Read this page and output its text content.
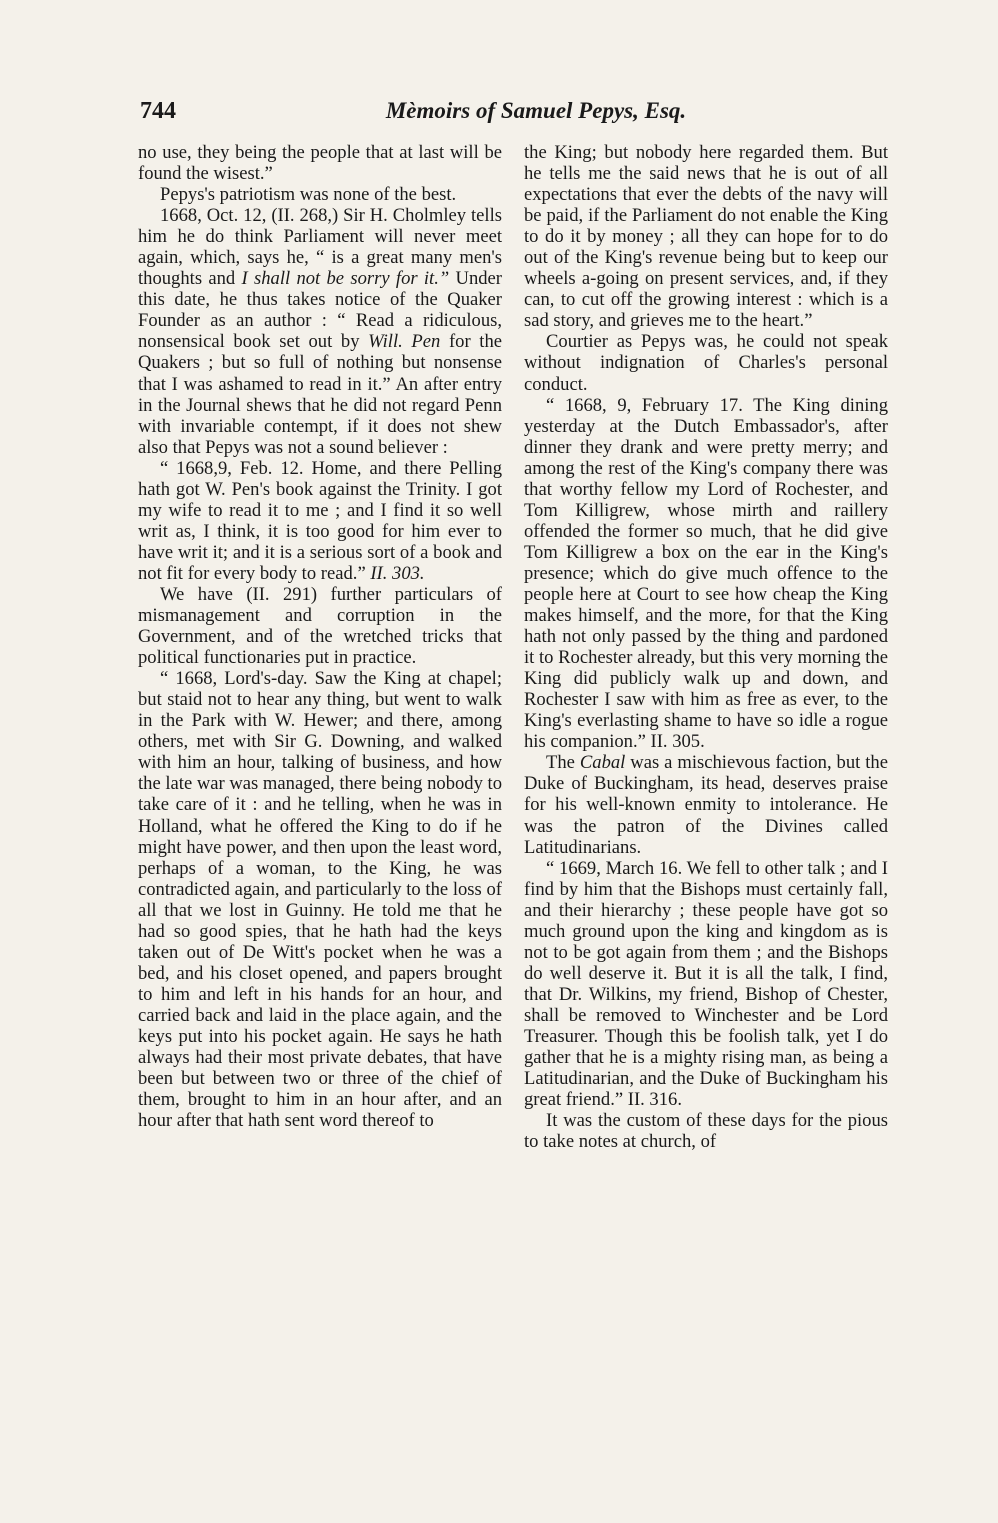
744	Mèmoirs of Samuel Pepys, Esq.

no use, they being the people that at last will be found the wisest.”

Pepys's patriotism was none of the best.

1668, Oct. 12, (II. 268,) Sir H. Cholmley tells him he do think Parliament will never meet again, which, says he, “ is a great many men's thoughts and I shall not be sorry for it.” Under this date, he thus takes notice of the Quaker Founder as an author : “ Read a ridiculous, nonsensical book set out by Will. Pen for the Quakers ; but so full of nothing but nonsense that I was ashamed to read in it.” An after entry in the Journal shews that he did not regard Penn with invariable contempt, if it does not shew also that Pepys was not a sound believer :

“ 1668,9, Feb. 12. Home, and there Pelling hath got W. Pen's book against the Trinity. I got my wife to read it to me ; and I find it so well writ as, I think, it is too good for him ever to have writ it; and it is a serious sort of a book and not fit for every body to read.” II. 303.

We have (II. 291) further particulars of mismanagement and corruption in the Government, and of the wretched tricks that political functionaries put in practice.

“ 1668, Lord's-day. Saw the King at chapel; but staid not to hear any thing, but went to walk in the Park with W. Hewer; and there, among others, met with Sir G. Downing, and walked with him an hour, talking of business, and how the late war was managed, there being nobody to take care of it : and he telling, when he was in Holland, what he offered the King to do if he might have power, and then upon the least word, perhaps of a woman, to the King, he was contradicted again, and particularly to the loss of all that we lost in Guinny. He told me that he had so good spies, that he hath had the keys taken out of De Witt's pocket when he was a bed, and his closet opened, and papers brought to him and left in his hands for an hour, and carried back and laid in the place again, and the keys put into his pocket again. He says he hath always had their most private debates, that have been but between two or three of the chief of them, brought to him in an hour after, and an hour after that hath sent word thereof to

the King; but nobody here regarded them. But he tells me the said news that he is out of all expectations that ever the debts of the navy will be paid, if the Parliament do not enable the King to do it by money ; all they can hope for to do out of the King's revenue being but to keep our wheels a-going on present services, and, if they can, to cut off the growing interest : which is a sad story, and grieves me to the heart.”

Courtier as Pepys was, he could not speak without indignation of Charles's personal conduct.

“ 1668, 9, February 17. The King dining yesterday at the Dutch Embassador's, after dinner they drank and were pretty merry; and among the rest of the King's company there was that worthy fellow my Lord of Rochester, and Tom Killigrew, whose mirth and raillery offended the former so much, that he did give Tom Killigrew a box on the ear in the King's presence; which do give much offence to the people here at Court to see how cheap the King makes himself, and the more, for that the King hath not only passed by the thing and pardoned it to Rochester already, but this very morning the King did publicly walk up and down, and Rochester I saw with him as free as ever, to the King's everlasting shame to have so idle a rogue his companion.” II. 305.

The Cabal was a mischievous faction, but the Duke of Buckingham, its head, deserves praise for his well-known enmity to intolerance. He was the patron of the Divines called Latitudinarians.

“ 1669, March 16. We fell to other talk ; and I find by him that the Bishops must certainly fall, and their hierarchy ; these people have got so much ground upon the king and kingdom as is not to be got again from them ; and the Bishops do well deserve it. But it is all the talk, I find, that Dr. Wilkins, my friend, Bishop of Chester, shall be removed to Winchester and be Lord Treasurer. Though this be foolish talk, yet I do gather that he is a mighty rising man, as being a Latitudinarian, and the Duke of Buckingham his great friend.” II. 316.

It was the custom of these days for the pious to take notes at church, of
